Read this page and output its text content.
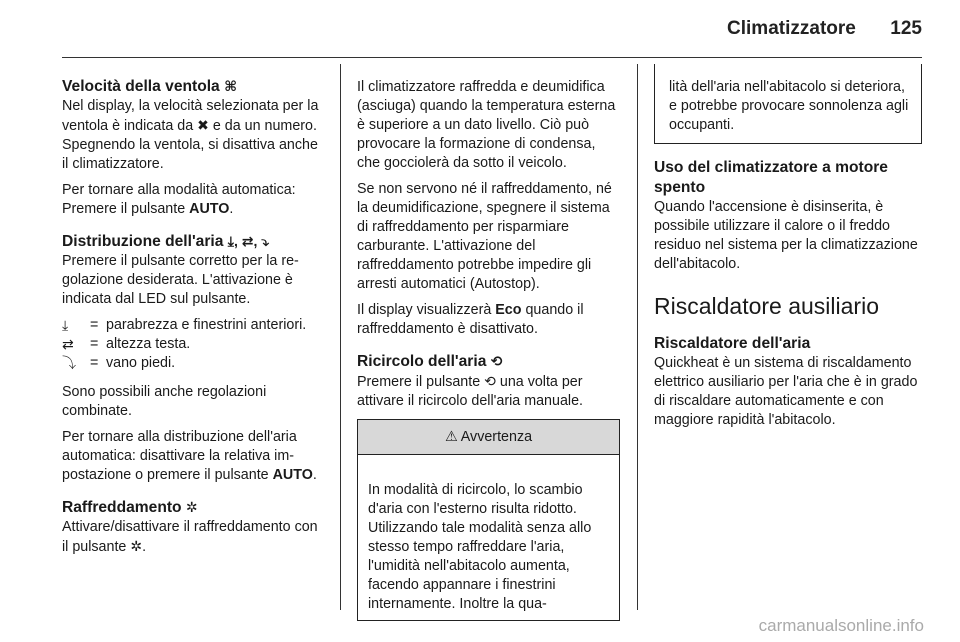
Climatizzatore 125
Velocità della ventola ⌘

Nel display, la velocità selezionata per la ventola è indicata da ✖ e da un numero. Spegnendo la ventola, si disattiva anche il climatizzatore.

Per tornare alla modalità automatica: Premere il pulsante AUTO.

Distribuzione dell'aria ⤓, ⇄, ⤵

Premere il pulsante corretto per la regolazione desiderata. L'attivazione è indicata dal LED sul pulsante.

⤓	= parabrezza e finestrini anteriori.
⇄	= altezza testa.
⤵ = vano piedi.

Sono possibili anche regolazioni combinate.

Per tornare alla distribuzione dell'aria automatica: disattivare la relativa impostazione o premere il pulsante AUTO.

Raffreddamento ✲

Attivare/disattivare il raffreddamento con il pulsante ✲.

Il climatizzatore raffredda e deumidifica (asciuga) quando la temperatura esterna è superiore a un dato livello. Ciò può provocare la formazione di condensa, che gocciolerà da sotto il veicolo.

Se non servono né il raffreddamento, né la deumidificazione, spegnere il sistema di raffreddamento per risparmiare carburante. L'attivazione del raffreddamento potrebbe impedire gli arresti automatici (Autostop).

Il display visualizzerà Eco quando il raffreddamento è disattivato.

Ricircolo dell'aria ⟲

Premere il pulsante ⟲ una volta per attivare il ricircolo dell'aria manuale.

⚠ Avvertenza

In modalità di ricircolo, lo scambio d'aria con l'esterno risulta ridotto. Utilizzando tale modalità senza allo stesso tempo raffreddare l'aria, l'umidità nell'abitacolo aumenta, facendo appannare i finestrini internamente. Inoltre la qua-

lità dell'aria nell'abitacolo si deteriora, e potrebbe provocare sonnolenza agli occupanti.

Uso del climatizzatore a motore spento

Quando l'accensione è disinserita, è possibile utilizzare il calore o il freddo residuo nel sistema per la climatizzazione dell'abitacolo.

Riscaldatore ausiliario
Riscaldatore dell'aria

Quickheat è un sistema di riscaldamento elettrico ausiliario per l'aria che è in grado di riscaldare automaticamente e con maggiore rapidità l'abitacolo.

carmanualsonline.info
